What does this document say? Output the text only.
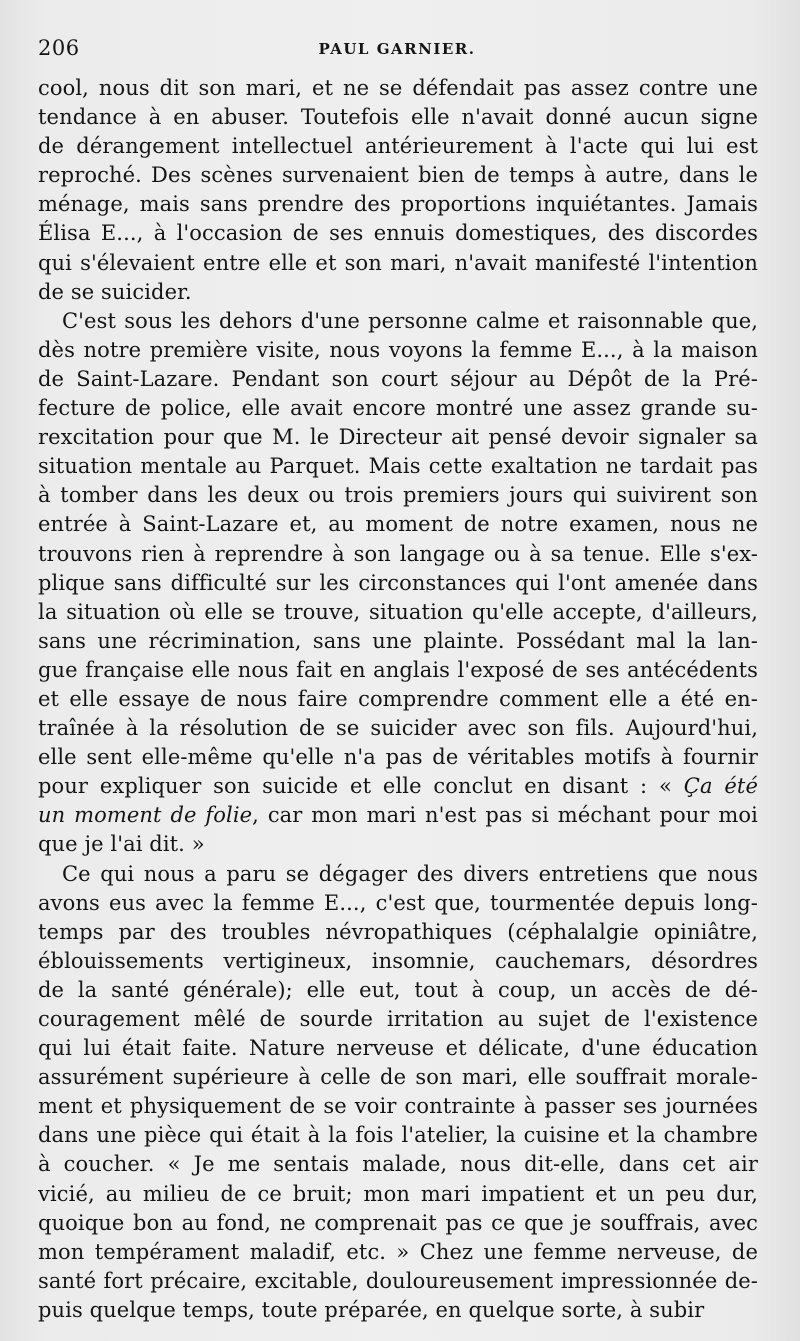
206	PAUL GARNIER.

cool, nous dit son mari, et ne se défendait pas assez contre une
tendance à en abuser. Toutefois elle n'avait donné aucun signe
de dérangement intellectuel antérieurement à l'acte qui lui est
reproché. Des scènes survenaient bien de temps à autre, dans le
ménage, mais sans prendre des proportions inquiétantes. Jamais
Élisa E..., à l'occasion de ses ennuis domestiques, des discordes
qui s'élevaient entre elle et son mari, n'avait manifesté l'intention
de se suicider.

C'est sous les dehors d'une personne calme et raisonnable que,
dès notre première visite, nous voyons la femme E..., à la maison
de Saint-Lazare. Pendant son court séjour au Dépôt de la Pré-
fecture de police, elle avait encore montré une assez grande su-
rexcitation pour que M. le Directeur ait pensé devoir signaler sa
situation mentale au Parquet. Mais cette exaltation ne tardait pas
à tomber dans les deux ou trois premiers jours qui suivirent son
entrée à Saint-Lazare et, au moment de notre examen, nous ne
trouvons rien à reprendre à son langage ou à sa tenue. Elle s'ex-
plique sans difficulté sur les circonstances qui l'ont amenée dans
la situation où elle se trouve, situation qu'elle accepte, d'ailleurs,
sans une récrimination, sans une plainte. Possédant mal la lan-
gue française elle nous fait en anglais l'exposé de ses antécédents
et elle essaye de nous faire comprendre comment elle a été en-
traînée à la résolution de se suicider avec son fils. Aujourd'hui,
elle sent elle-même qu'elle n'a pas de véritables motifs à fournir
pour expliquer son suicide et elle conclut en disant : « Ça été
un moment de folie, car mon mari n'est pas si méchant pour moi
que je l'ai dit. »

Ce qui nous a paru se dégager des divers entretiens que nous
avons eus avec la femme E..., c'est que, tourmentée depuis long-
temps par des troubles névropathiques (céphalalgie opiniâtre,
éblouissements vertigineux, insomnie, cauchemars, désordres
de la santé générale); elle eut, tout à coup, un accès de dé-
couragement mêlé de sourde irritation au sujet de l'existence
qui lui était faite. Nature nerveuse et délicate, d'une éducation
assurément supérieure à celle de son mari, elle souffrait morale-
ment et physiquement de se voir contrainte à passer ses journées
dans une pièce qui était à la fois l'atelier, la cuisine et la chambre
à coucher. « Je me sentais malade, nous dit-elle, dans cet air
vicié, au milieu de ce bruit; mon mari impatient et un peu dur,
quoique bon au fond, ne comprenait pas ce que je souffrais, avec
mon tempérament maladif, etc. » Chez une femme nerveuse, de
santé fort précaire, excitable, douloureusement impressionnée de-
puis quelque temps, toute préparée, en quelque sorte, à subir
